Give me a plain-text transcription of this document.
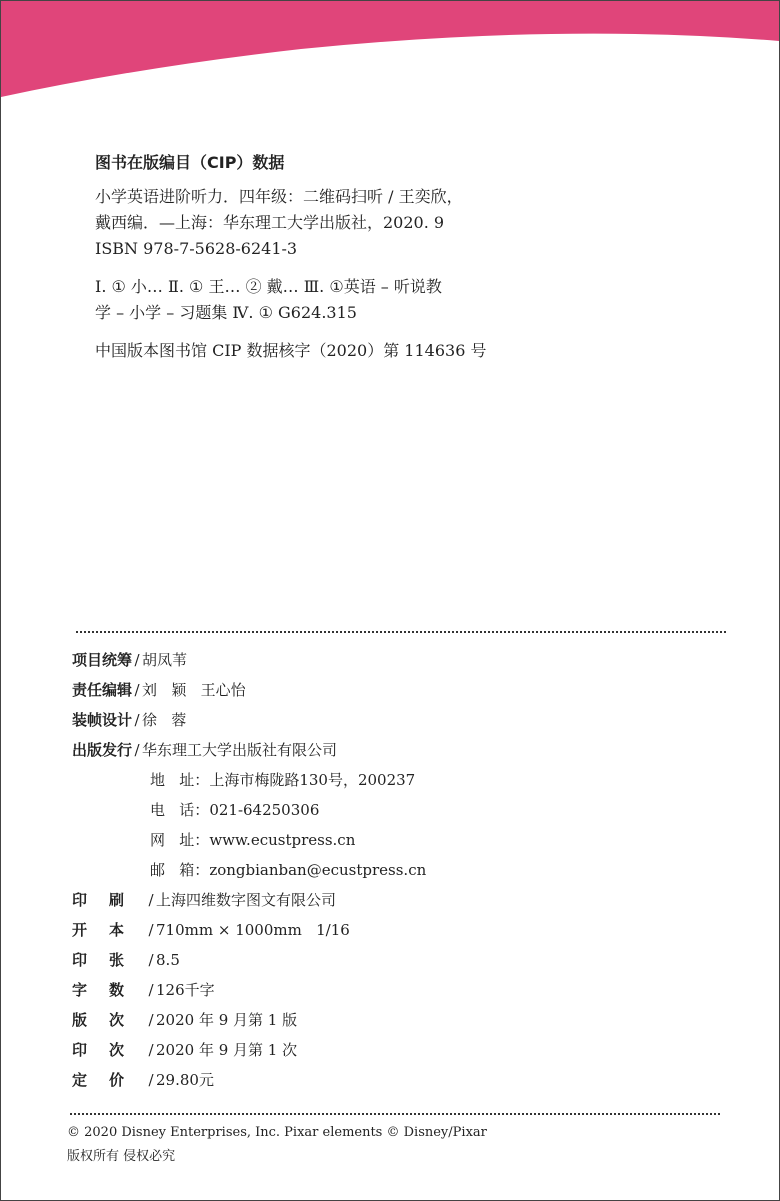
图书在版编目（CIP）数据
小学英语进阶听力．四年级：二维码扫听 / 王奕欣，
戴西编．—上海：华东理工大学出版社，2020. 9
ISBN 978-7-5628-6241-3
Ⅰ. ① 小… Ⅱ. ① 王… ② 戴… Ⅲ. ①英语 – 听说教
学 – 小学 – 习题集 Ⅳ. ① G624.315
中国版本图书馆 CIP 数据核字（2020）第 114636 号
项目统筹 / 胡凤苇
责任编辑 / 刘   颖   王心怡
装帧设计 / 徐   蓉
出版发行 / 华东理工大学出版社有限公司
地   址：上海市梅陇路130号，200237
电   话：021-64250306
网   址：www.ecustpress.cn
邮   箱：zongbianban@ecustpress.cn
印刷 / 上海四维数字图文有限公司
开本 / 710mm × 1000mm   1/16
印张 / 8.5
字数 / 126千字
版次 / 2020 年 9 月第 1 版
印次 / 2020 年 9 月第 1 次
定价 / 29.80元
© 2020 Disney Enterprises, Inc. Pixar elements © Disney/Pixar
版权所有 侵权必究
